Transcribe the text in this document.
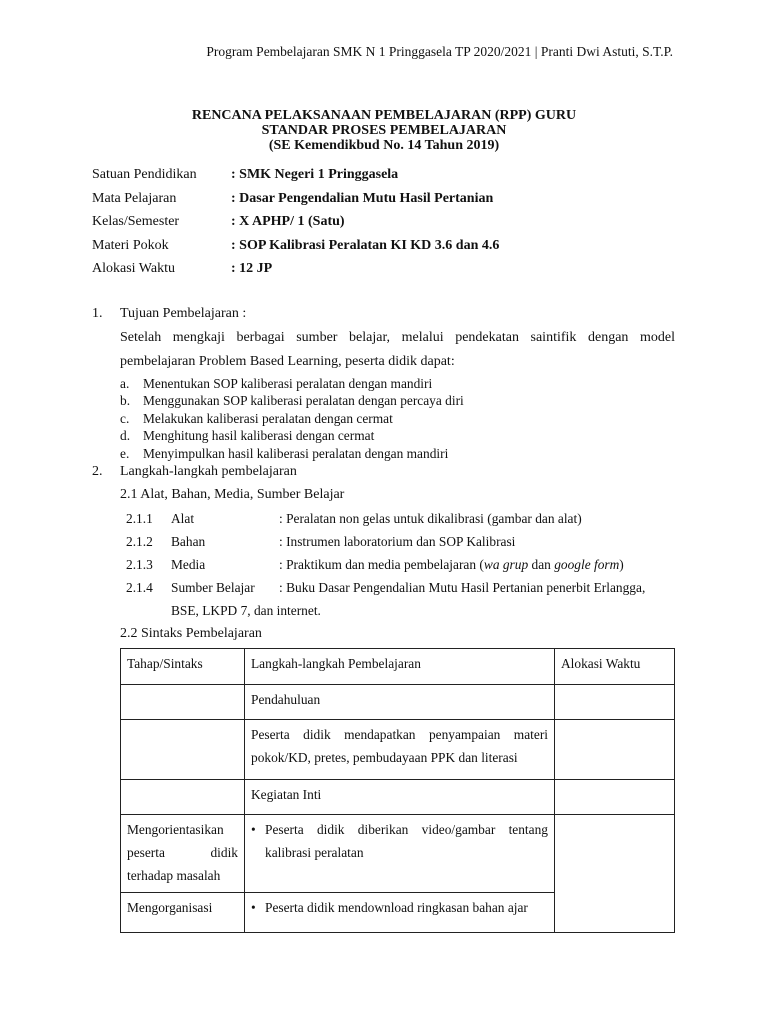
Program Pembelajaran SMK N 1 Pringgasela TP 2020/2021 | Pranti Dwi Astuti, S.T.P.
RENCANA PELAKSANAAN PEMBELAJARAN (RPP) GURU
STANDAR PROSES PEMBELAJARAN
(SE Kemendikbud No. 14 Tahun 2019)
Satuan Pendidikan : SMK Negeri 1 Pringgasela
Mata Pelajaran	: Dasar Pengendalian Mutu Hasil Pertanian
Kelas/Semester	: X APHP/ 1 (Satu)
Materi Pokok	: SOP Kalibrasi Peralatan KI KD 3.6 dan 4.6
Alokasi Waktu	: 12 JP
1. Tujuan Pembelajaran :
Setelah mengkaji berbagai sumber belajar, melalui pendekatan saintifik dengan model
pembelajaran Problem Based Learning, peserta didik dapat:
a. Menentukan SOP kaliberasi peralatan dengan mandiri
b. Menggunakan SOP kaliberasi peralatan dengan percaya diri
c. Melakukan kaliberasi peralatan dengan cermat
d. Menghitung hasil kaliberasi dengan cermat
e. Menyimpulkan hasil kaliberasi peralatan dengan mandiri
2. Langkah-langkah pembelajaran
2.1 Alat, Bahan, Media, Sumber Belajar
2.1.1 Alat	: Peralatan non gelas untuk dikalibrasi (gambar dan alat)
2.1.2 Bahan	: Instrumen laboratorium dan SOP Kalibrasi
2.1.3 Media	: Praktikum dan media pembelajaran (wa grup dan google form)
2.1.4 Sumber Belajar : Buku Dasar Pengendalian Mutu Hasil Pertanian penerbit Erlangga,
BSE, LKPD 7, dan internet.
2.2 Sintaks Pembelajaran
Tahap/Sintaks	Langkah-langkah Pembelajaran	Alokasi Waktu
	Pendahuluan	
	Peserta didik mendapatkan penyampaian materi pokok/KD, pretes, pembudayaan PPK dan literasi	
	Kegiatan Inti	
Mengorientasikan peserta didik terhadap masalah	• Peserta didik diberikan video/gambar tentang kalibrasi peralatan	

Mengorganisasi	• Peserta didik mendownload ringkasan bahan ajar	
